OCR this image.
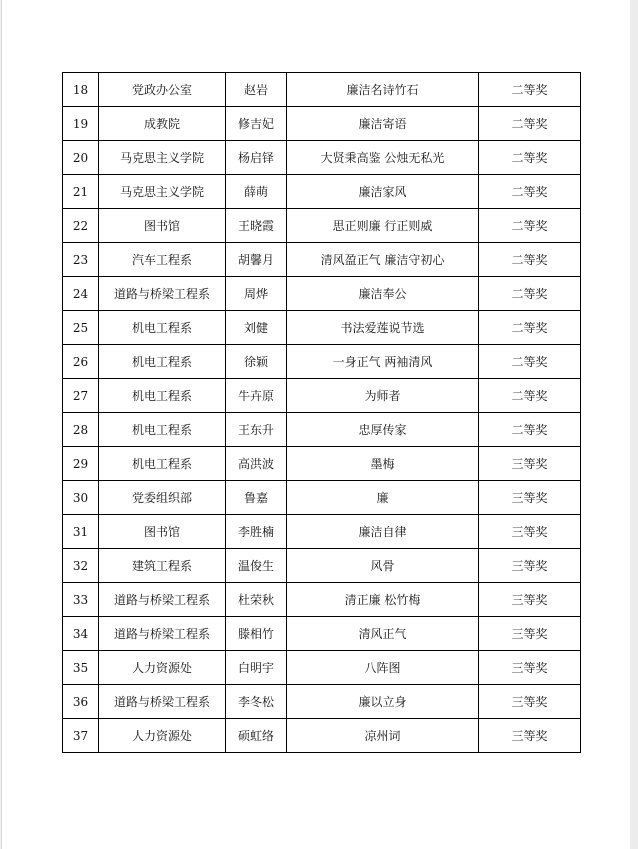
18	党政办公室	赵岩	廉洁名诗竹石	二等奖
19	成教院	修吉妃	廉洁寄语	二等奖
20	马克思主义学院	杨启铎	大贤秉高鉴 公烛无私光	二等奖
21	马克思主义学院	薛萌	廉洁家风	二等奖
22	图书馆	王晓霞	思正则廉 行正则威	二等奖
23	汽车工程系	胡馨月	清风盈正气 廉洁守初心	二等奖
24	道路与桥梁工程系	周烨	廉洁奉公	二等奖
25	机电工程系	刘健	书法爱莲说节选	二等奖
26	机电工程系	徐颖	一身正气 两袖清风	二等奖
27	机电工程系	牛卉原	为师者	二等奖
28	机电工程系	王东升	忠厚传家	二等奖
29	机电工程系	高洪波	墨梅	三等奖
30	党委组织部	鲁嘉	廉	三等奖
31	图书馆	李胜楠	廉洁自律	三等奖
32	建筑工程系	温俊生	风骨	三等奖
33	道路与桥梁工程系	杜荣秋	清正廉 松竹梅	三等奖
34	道路与桥梁工程系	滕相竹	清风正气	三等奖
35	人力资源处	白明宇	八阵图	三等奖
36	道路与桥梁工程系	李冬松	廉以立身	三等奖
37	人力资源处	硕虹络	凉州词	三等奖
